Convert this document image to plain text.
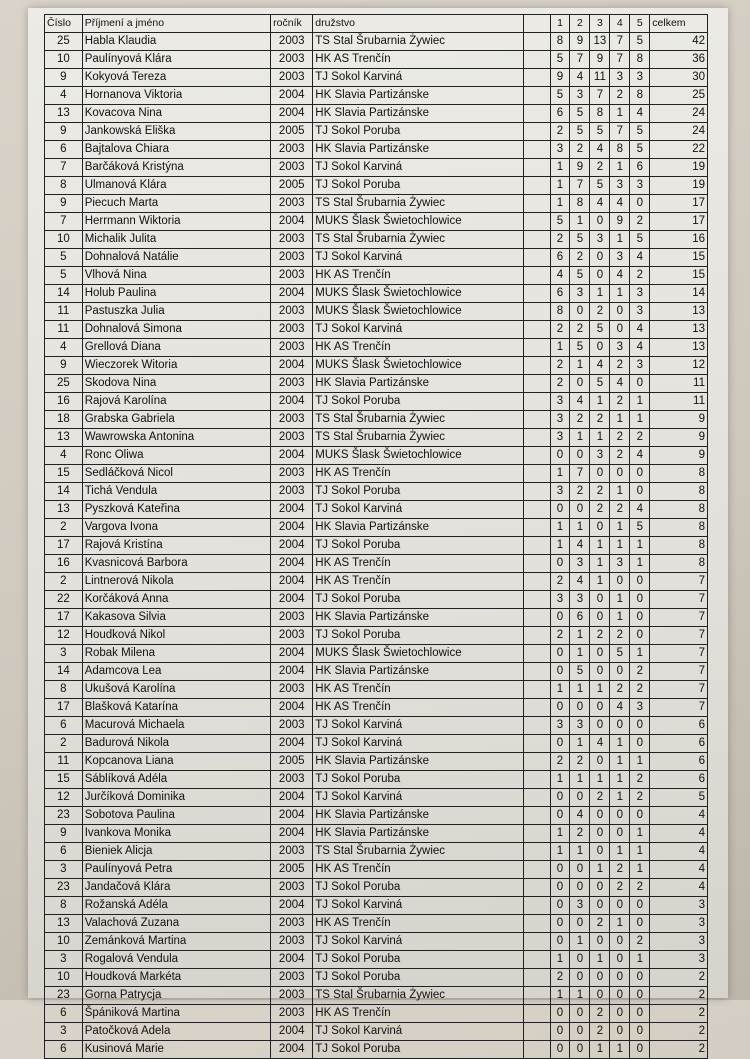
Číslo	Příjmení a jméno	ročník	družstvo		1	2	3	4	5	celkem
25	Habla Klaudia	2003	TS Stal Šrubarnia Żywiec		8	9	13	7	5	42
10	Paulínyová Klára	2003	HK AS Trenčín		5	7	9	7	8	36
9	Kokyová Tereza	2003	TJ Sokol Karviná		9	4	11	3	3	30
4	Hornanova Viktoria	2004	HK Slavia Partizánske		5	3	7	2	8	25
13	Kovacova Nina	2004	HK Slavia Partizánske		6	5	8	1	4	24
9	Jankowská Eliška	2005	TJ Sokol Poruba		2	5	5	7	5	24
6	Bajtalova Chiara	2003	HK Slavia Partizánske		3	2	4	8	5	22
7	Barčáková Kristýna	2003	TJ Sokol Karviná		1	9	2	1	6	19
8	Ulmanová Klára	2005	TJ Sokol Poruba		1	7	5	3	3	19
9	Piecuch Marta	2003	TS Stal Šrubarnia Żywiec		1	8	4	4	0	17
7	Herrmann Wiktoria	2004	MUKS Šlask Šwietochlowice		5	1	0	9	2	17
10	Michalik Julita	2003	TS Stal Šrubarnia Żywiec		2	5	3	1	5	16
5	Dohnalová Natálie	2003	TJ Sokol Karviná		6	2	0	3	4	15
5	Vlhová Nina	2003	HK AS Trenčín		4	5	0	4	2	15
14	Holub Paulina	2004	MUKS Šlask Šwietochlowice		6	3	1	1	3	14
11	Pastuszka Julia	2003	MUKS Šlask Šwietochlowice		8	0	2	0	3	13
11	Dohnalová Simona	2003	TJ Sokol Karviná		2	2	5	0	4	13
4	Grellová Diana	2003	HK AS Trenčín		1	5	0	3	4	13
9	Wieczorek Witoria	2004	MUKS Šlask Šwietochlowice		2	1	4	2	3	12
25	Skodova Nina	2003	HK Slavia Partizánske		2	0	5	4	0	11
16	Rajová Karolína	2004	TJ Sokol Poruba		3	4	1	2	1	11
18	Grabska Gabriela	2003	TS Stal Šrubarnia Żywiec		3	2	2	1	1	9
13	Wawrowska Antonina	2003	TS Stal Šrubarnia Żywiec		3	1	1	2	2	9
4	Ronc Oliwa	2004	MUKS Šlask Šwietochlowice		0	0	3	2	4	9
15	Sedláčková Nicol	2003	HK AS Trenčín		1	7	0	0	0	8
14	Tichá Vendula	2003	TJ Sokol Poruba		3	2	2	1	0	8
13	Pyszková Kateřina	2004	TJ Sokol Karviná		0	0	2	2	4	8
2	Vargova Ivona	2004	HK Slavia Partizánske		1	1	0	1	5	8
17	Rajová Kristína	2004	TJ Sokol Poruba		1	4	1	1	1	8
16	Kvasnicová Barbora	2004	HK AS Trenčín		0	3	1	3	1	8
2	Lintnerová Nikola	2004	HK AS Trenčín		2	4	1	0	0	7
22	Korčáková Anna	2004	TJ Sokol Poruba		3	3	0	1	0	7
17	Kakasova Silvia	2003	HK Slavia Partizánske		0	6	0	1	0	7
12	Houdková Nikol	2003	TJ Sokol Poruba		2	1	2	2	0	7
3	Robak Milena	2004	MUKS Šlask Šwietochlowice		0	1	0	5	1	7
14	Adamcova Lea	2004	HK Slavia Partizánske		0	5	0	0	2	7
8	Ukušová Karolína	2003	HK AS Trenčín		1	1	1	2	2	7
17	Blašková Katarína	2004	HK AS Trenčín		0	0	0	4	3	7
6	Macurová Michaela	2003	TJ Sokol Karviná		3	3	0	0	0	6
2	Badurová Nikola	2004	TJ Sokol Karviná		0	1	4	1	0	6
11	Kopcanova Liana	2005	HK Slavia Partizánske		2	2	0	1	1	6
15	Sáblíková Adéla	2003	TJ Sokol Poruba		1	1	1	1	2	6
12	Jurčíková Dominika	2004	TJ Sokol Karviná		0	0	2	1	2	5
23	Sobotova Paulina	2004	HK Slavia Partizánske		0	4	0	0	0	4
9	Ivankova Monika	2004	HK Slavia Partizánske		1	2	0	0	1	4
6	Bieniek Alicja	2003	TS Stal Šrubarnia Żywiec		1	1	0	1	1	4
3	Paulínyová Petra	2005	HK AS Trenčín		0	0	1	2	1	4
23	Jandačová Klára	2003	TJ Sokol Poruba		0	0	0	2	2	4
8	Rožanská Adéla	2004	TJ Sokol Karviná		0	3	0	0	0	3
13	Valachová Zuzana	2003	HK AS Trenčín		0	0	2	1	0	3
10	Zemánková Martina	2003	TJ Sokol Karviná		0	1	0	0	2	3
3	Rogalová Vendula	2004	TJ Sokol Poruba		1	0	1	0	1	3
10	Houdková Markéta	2003	TJ Sokol Poruba		2	0	0	0	0	2
23	Gorna Patrycja	2003	TS Stal Šrubarnia Żywiec		1	1	0	0	0	2
6	Špániková Martina	2003	HK AS Trenčín		0	0	2	0	0	2
3	Patočková Adela	2004	TJ Sokol Karviná		0	0	2	0	0	2
6	Kusinová Marie	2004	TJ Sokol Poruba		0	0	1	1	0	2
